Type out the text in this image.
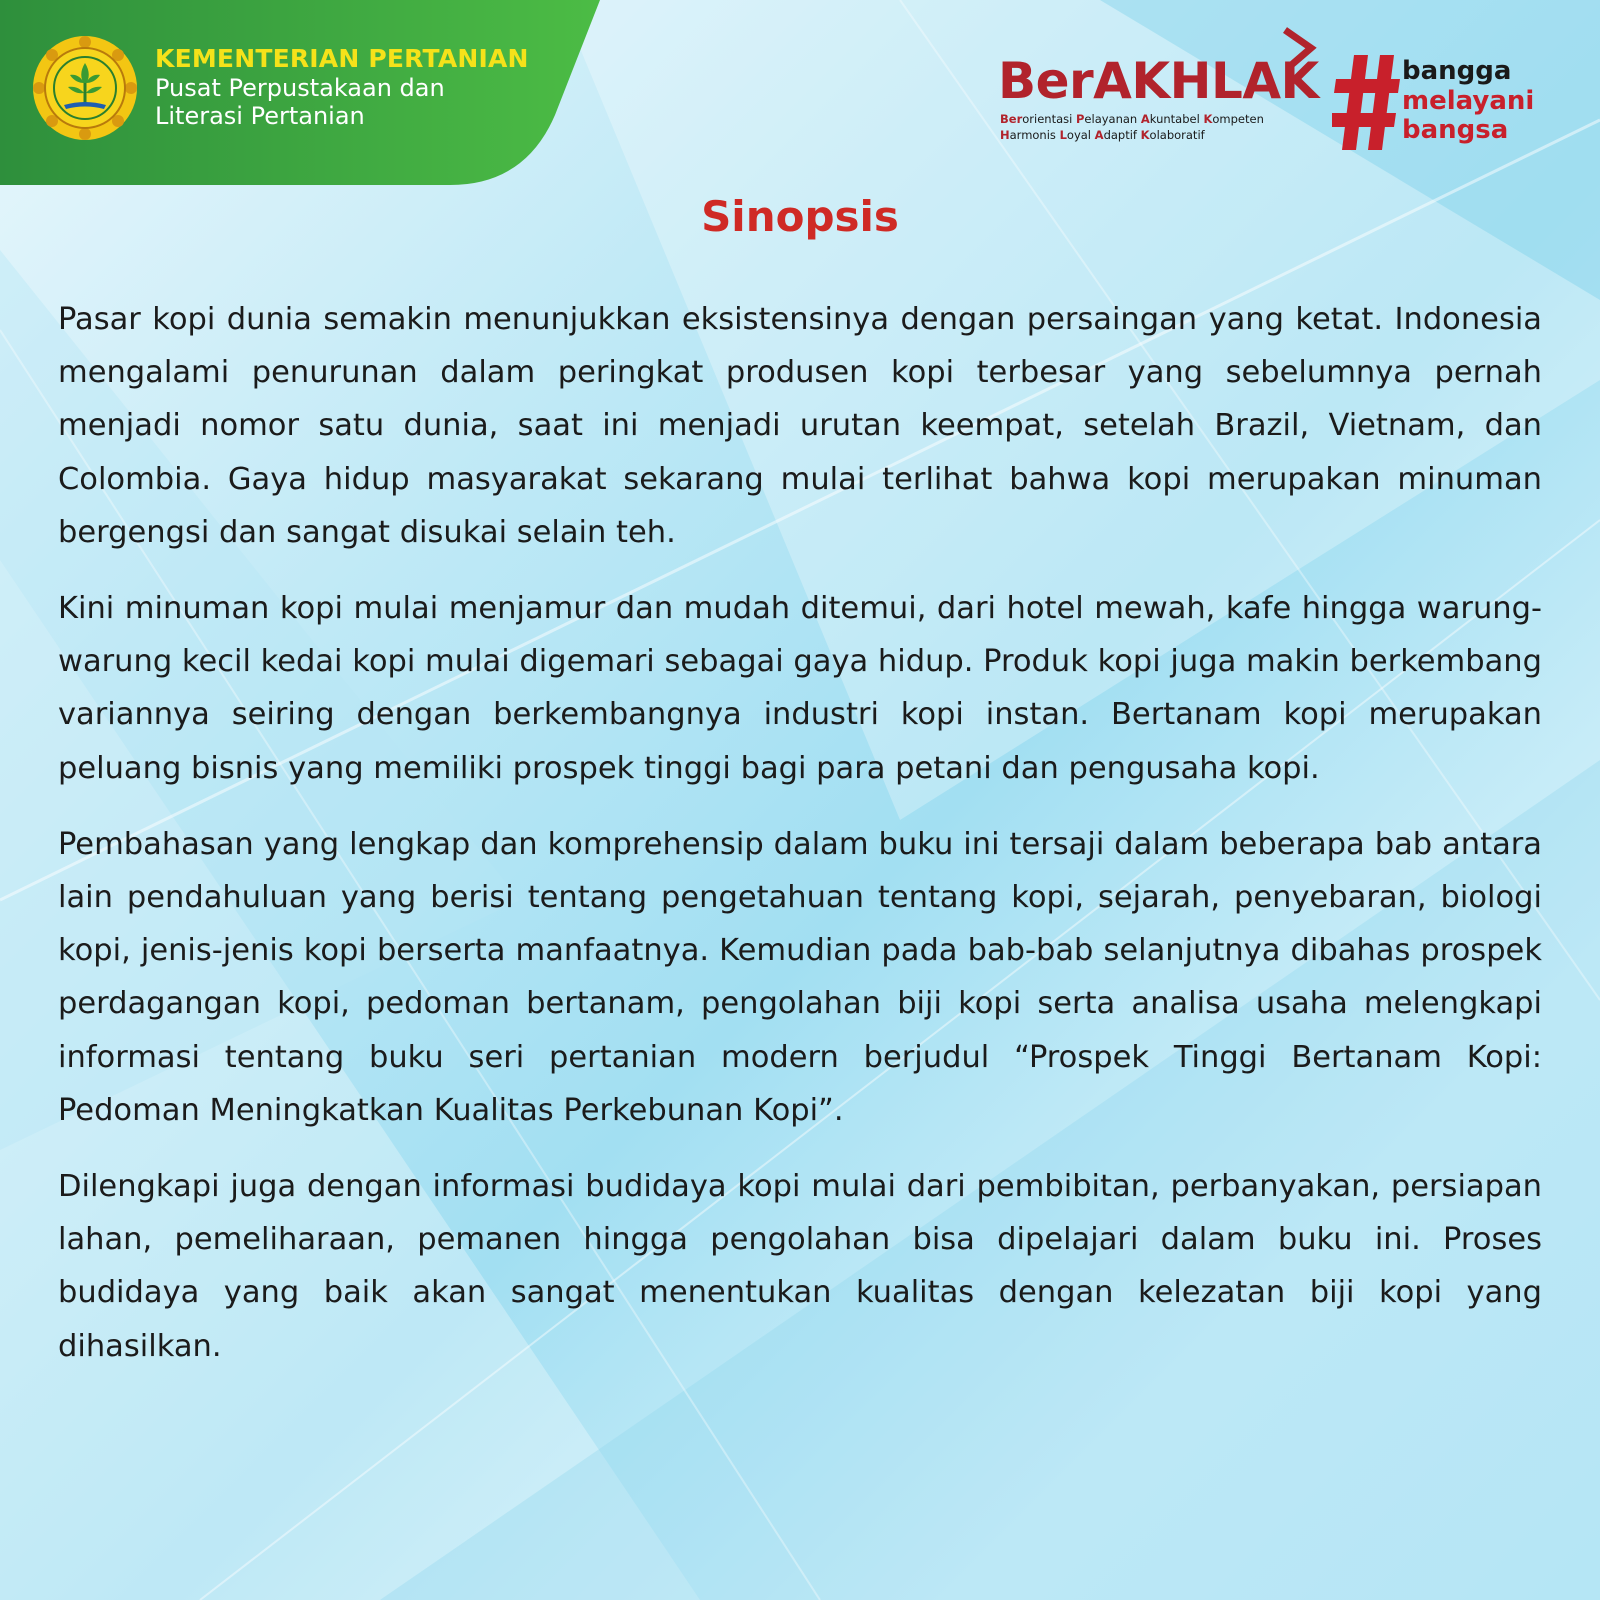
KEMENTERIAN PERTANIAN
Pusat Perpustakaan dan
Literasi Pertanian
BerAKHLAK
Berorientasi Pelayanan Akuntabel Kompeten
Harmonis Loyal Adaptif Kolaboratif
bangga
melayani
bangsa
Sinopsis

Pasar kopi dunia semakin menunjukkan eksistensinya dengan persaingan yang ketat. Indonesia mengalami penurunan dalam peringkat produsen kopi terbesar yang sebelumnya pernah menjadi nomor satu dunia, saat ini menjadi urutan keempat, setelah Brazil, Vietnam, dan Colombia. Gaya hidup masyarakat sekarang mulai terlihat bahwa kopi merupakan minuman bergengsi dan sangat disukai selain teh.

Kini minuman kopi mulai menjamur dan mudah ditemui, dari hotel mewah, kafe hingga warung-warung kecil kedai kopi mulai digemari sebagai gaya hidup. Produk kopi juga makin berkembang variannya seiring dengan berkembangnya industri kopi instan. Bertanam kopi merupakan peluang bisnis yang memiliki prospek tinggi bagi para petani dan pengusaha kopi.

Pembahasan yang lengkap dan komprehensip dalam buku ini tersaji dalam beberapa bab antara lain pendahuluan yang berisi tentang pengetahuan tentang kopi, sejarah, penyebaran, biologi kopi, jenis-jenis kopi berserta manfaatnya. Kemudian pada bab-bab selanjutnya dibahas prospek perdagangan kopi, pedoman bertanam, pengolahan biji kopi serta analisa usaha melengkapi informasi tentang buku seri pertanian modern berjudul “Prospek Tinggi Bertanam Kopi: Pedoman Meningkatkan Kualitas Perkebunan Kopi”.

Dilengkapi juga dengan informasi budidaya kopi mulai dari pembibitan, perbanyakan, persiapan lahan, pemeliharaan, pemanen hingga pengolahan bisa dipelajari dalam buku ini. Proses budidaya yang baik akan sangat menentukan kualitas dengan kelezatan biji kopi yang dihasilkan.
